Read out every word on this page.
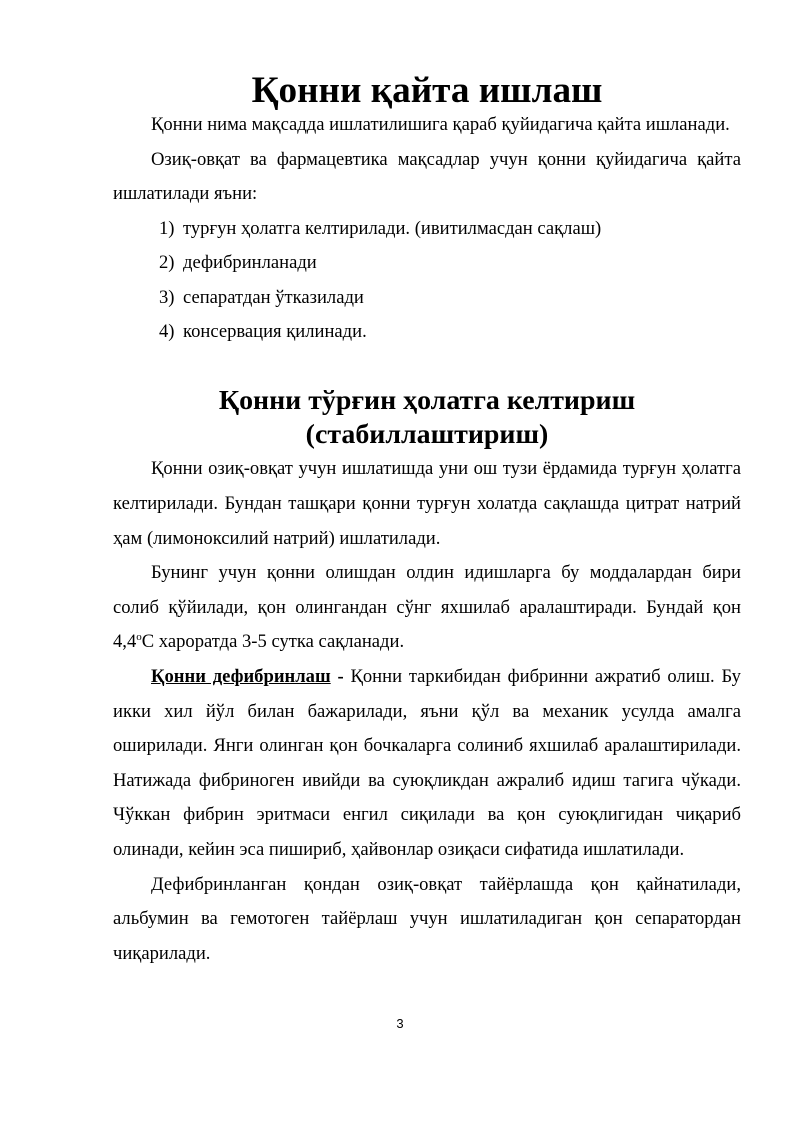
Қонни қайта ишлаш

Қонни нима мақсадда ишлатилишига қараб қуйидагича қайта ишланади.

Озиқ-овқат ва фармацевтика мақсадлар учун қонни қуйидагича қайта ишлатилади яъни:

1) турғун ҳолатга келтирилади. (ивитилмасдан сақлаш)
2) дефибринланади
3) сепаратдан ўтказилади
4) консервация қилинади.
Қонни тўрғин ҳолатга келтириш (стабиллаштириш)

Қонни озиқ-овқат учун ишлатишда уни ош тузи ёрдамида турғун ҳолатга келтирилади. Бундан ташқари қонни турғун холатда сақлашда цитрат натрий ҳам (лимоноксилий натрий) ишлатилади.

Бунинг учун қонни олишдан олдин идишларга бу моддалардан бири солиб қўйилади, қон олингандан сўнг яхшилаб аралаштиради. Бундай қон $4,4^оС$ хароратда 3-5 сутка сақланади.

Қонни дефибринлаш - Қонни таркибидан фибринни ажратиб олиш. Бу икки хил йўл билан бажарилади, яъни қўл ва механик усулда амалга оширилади. Янги олинган қон бочкаларга солиниб яхшилаб аралаштирилади. Натижада фибриноген ивийди ва суюқликдан ажралиб идиш тагига чўкади. Чўккан фибрин эритмаси енгил сиқилади ва қон суюқлигидан чиқариб олинади, кейин эса пишириб, ҳайвонлар озиқаси сифатида ишлатилади.

Дефибринланган қондан озиқ-овқат тайёрлашда қон қайнатилади, альбумин ва гемотоген тайёрлаш учун ишлатиладиган қон сепаратордан чиқарилади.

3
